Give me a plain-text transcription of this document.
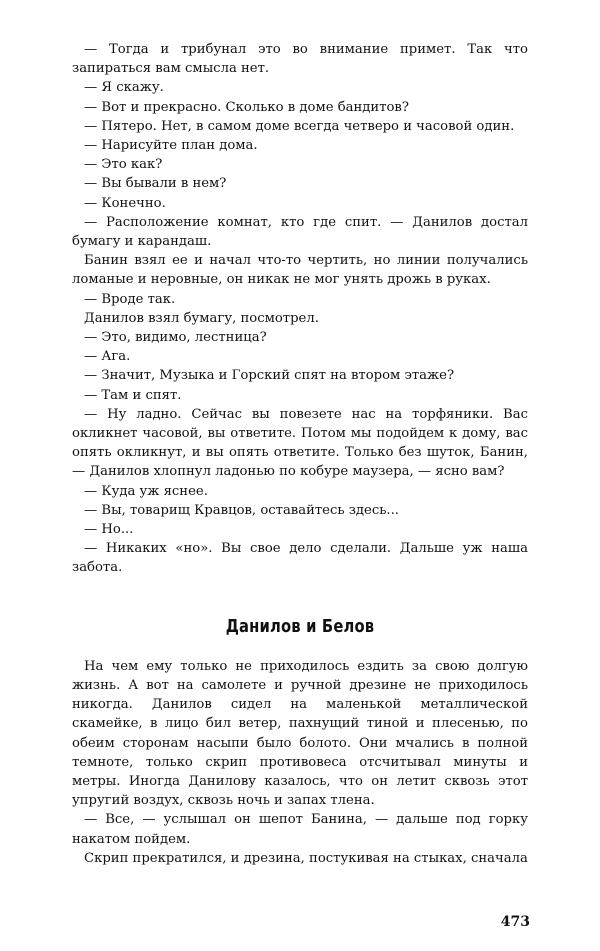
— Тогда и трибунал это во внимание примет. Так что запираться вам смысла нет.

— Я скажу.

— Вот и прекрасно. Сколько в доме бандитов?

— Пятеро. Нет, в самом доме всегда четверо и часовой один.

— Нарисуйте план дома.

— Это как?

— Вы бывали в нем?

— Конечно.

— Расположение комнат, кто где спит. — Данилов достал бумагу и карандаш.

Банин взял ее и начал что-то чертить, но линии получались ломаные и неровные, он никак не мог унять дрожь в руках.

— Вроде так.

Данилов взял бумагу, посмотрел.

— Это, видимо, лестница?

— Ага.

— Значит, Музыка и Горский спят на втором этаже?

— Там и спят.

— Ну ладно. Сейчас вы повезете нас на торфяники. Вас окликнет часовой, вы ответите. Потом мы подойдем к дому, вас опять окликнут, и вы опять ответите. Только без шуток, Банин, — Данилов хлопнул ладонью по кобуре маузера, — ясно вам?

— Куда уж яснее.

— Вы, товарищ Кравцов, оставайтесь здесь...

— Но...

— Никаких «но». Вы свое дело сделали. Дальше уж наша забота.

Данилов и Белов

На чем ему только не приходилось ездить за свою долгую жизнь. А вот на самолете и ручной дрезине не приходилось никогда. Данилов сидел на маленькой металлической скамейке, в лицо бил ветер, пахнущий тиной и плесенью, по обеим сторонам насыпи было болото. Они мчались в полной темноте, только скрип противовеса отсчитывал минуты и метры. Иногда Данилову казалось, что он летит сквозь этот упругий воздух, сквозь ночь и запах тлена.

— Все, — услышал он шепот Банина, — дальше под горку накатом пойдем.

Скрип прекратился, и дрезина, постукивая на стыках, сначала

473
